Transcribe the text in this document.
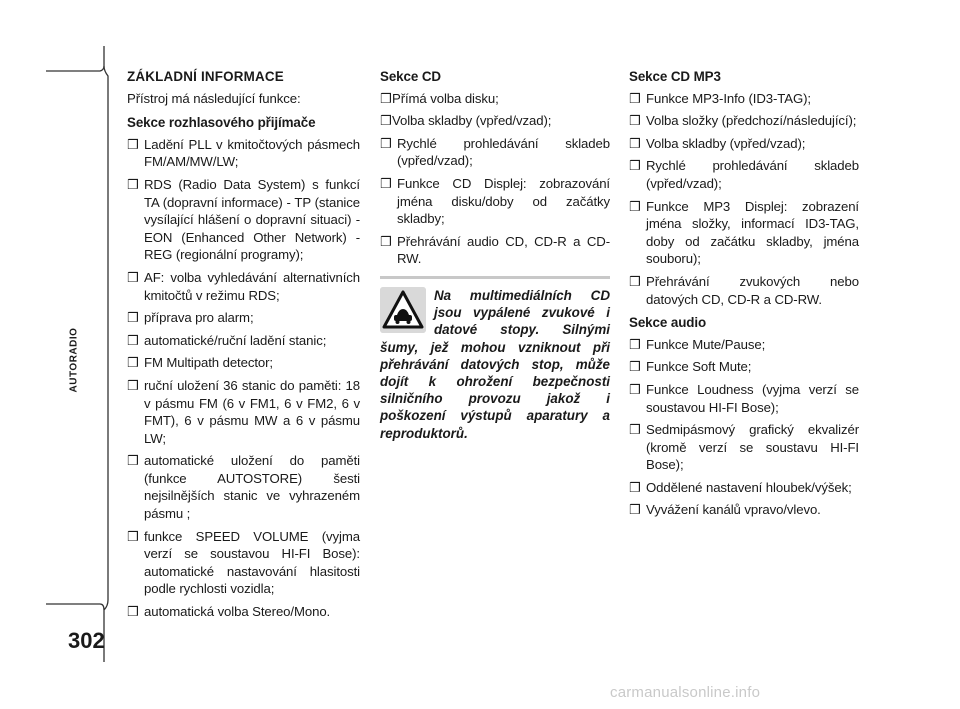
AUTORADIO
302
ZÁKLADNÍ INFORMACE
Přístroj má následující funkce:
Sekce rozhlasového přijímače
❒ Ladění PLL v kmitočtových pásmech FM/AM/MW/LW;
❒ RDS (Radio Data System) s funkcí TA (dopravní informace) - TP (stanice vysílající hlášení o dopravní situaci) - EON (Enhanced Other Network) - REG (regionální programy);
❒ AF: volba vyhledávání alternativních kmitočtů v režimu RDS;
❒ příprava pro alarm;
❒ automatické/ruční ladění stanic;
❒ FM Multipath detector;
❒ ruční uložení 36 stanic do paměti: 18 v pásmu FM (6 v FM1, 6 v FM2, 6 v FMT), 6 v pásmu MW a 6 v pásmu LW;
❒ automatické uložení do paměti (funkce AUTOSTORE) šesti nejsilnějších stanic ve vyhrazeném pásmu ;
❒ funkce SPEED VOLUME (vyjma verzí se soustavou HI-FI Bose): automatické nastavování hlasitosti podle rychlosti vozidla;
❒ automatická volba Stereo/Mono.
Sekce CD
❒ Přímá volba disku;
❒ Volba skladby (vpřed/vzad);
❒ Rychlé prohledávání skladeb (vpřed/vzad);
❒ Funkce CD Displej: zobrazování jména disku/doby od začátky skladby;
❒ Přehrávání audio CD, CD-R a CD-RW.

Na multimediálních CD jsou vypálené zvukové i datové stopy. Silnými šumy, jež mohou vzniknout při přehrávání datových stop, může dojít k ohrožení bezpečnosti silničního provozu jakož i poškození výstupů aparatury a reproduktorů.

Sekce CD MP3
❒ Funkce MP3-Info (ID3-TAG);
❒ Volba složky (předchozí/následující);
❒ Volba skladby (vpřed/vzad);
❒ Rychlé prohledávání skladeb (vpřed/vzad);
❒ Funkce MP3 Displej: zobrazení jména složky, informací ID3-TAG, doby od začátku skladby, jména souboru);
❒ Přehrávání zvukových nebo datových CD, CD-R a CD-RW.
Sekce audio
❒ Funkce Mute/Pause;
❒ Funkce Soft Mute;
❒ Funkce Loudness (vyjma verzí se soustavou HI-FI Bose);
❒ Sedmipásmový grafický ekvalizér (kromě verzí se soustavu HI-FI Bose);
❒ Oddělené nastavení hloubek/výšek;
❒ Vyvážení kanálů vpravo/vlevo.
carmanualsonline.info
